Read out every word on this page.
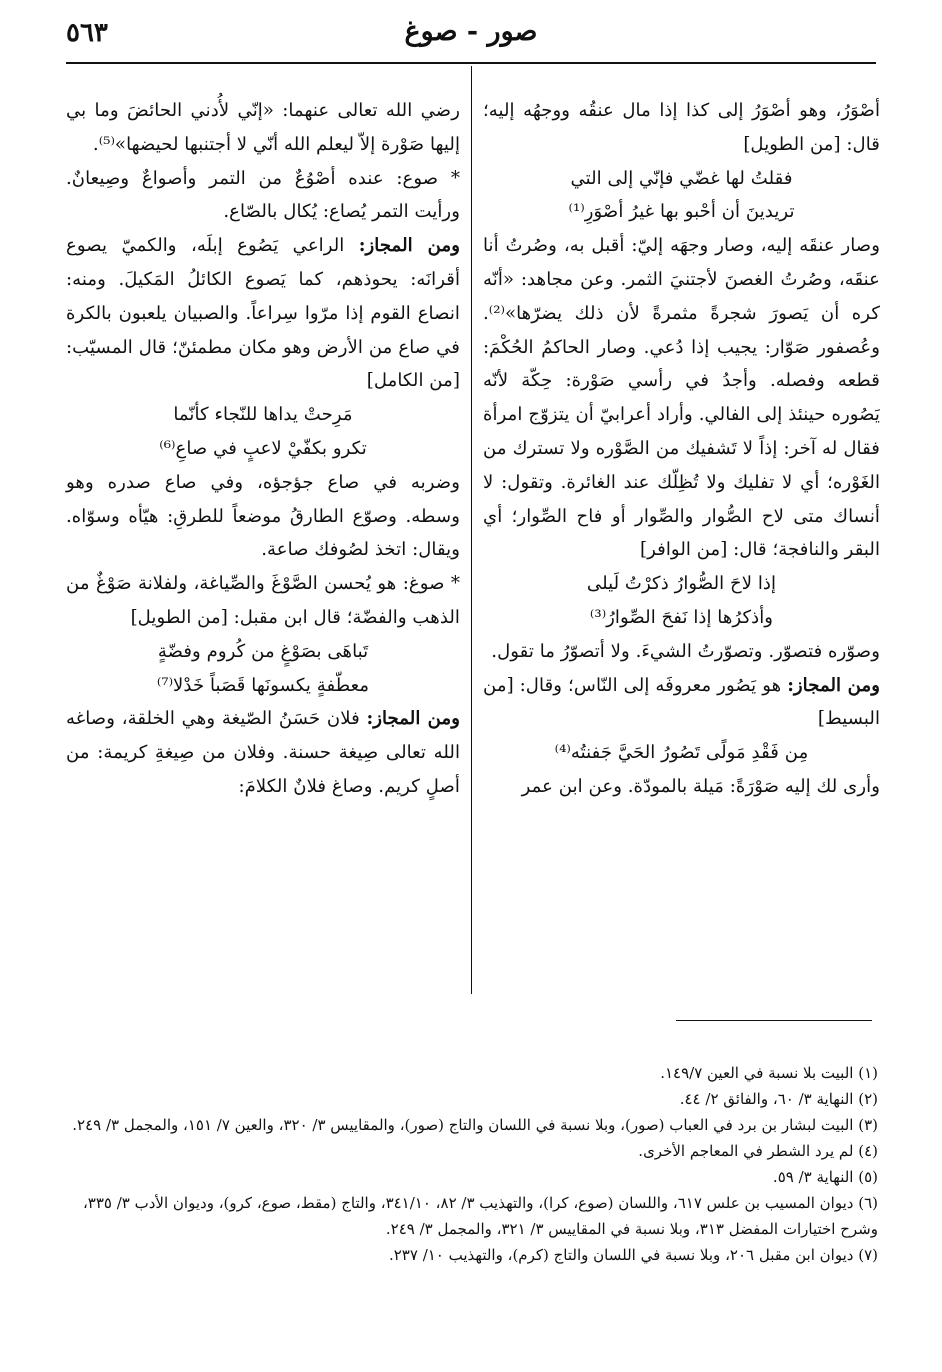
صور - صوغ
٥٦٣

أصْوَرُ، وهو أصْوَرُ إلى كذا إذا مال عنقُه ووجهُه إليه؛ قال: [من الطويل]

فقلتُ لها غضّي فإنّي إلى التي

تريدينَ أن أحْبو بها غيرُ أصْوَرِ⁽¹⁾

وصار عنقَه إليه، وصار وجهَه إليّ: أقبل به، وصُرتُ أنا عنقَه، وصُرتُ الغصنَ لأجتنيَ الثمر. وعن مجاهد: «أنّه كره أن يَصورَ شجرةً مثمرةً لأن ذلك يضرّها»⁽²⁾. وعُصفور صَوّار: يجيب إذا دُعي. وصار الحاكمُ الحُكْمَ: قطعه وفصله. وأجدُ في رأسي صَوْرة: حِكّة لأنّه يَصُوره حينئذ إلى الفالي. وأراد أعرابيّ أن يتزوّج امرأة فقال له آخر: إذاً لا تَشفيك من الصَّوْره ولا تسترك من الغَوْره؛ أي لا تفليك ولا تُظِلّك عند الغائرة. وتقول: لا أنساك متى لاح الصُّوار والصِّوار أو فاح الصِّوار؛ أي البقر والنافجة؛ قال: [من الوافر]

إذا لاحَ الصُّوارُ ذكرْتُ لَيلى

وأذكرُها إذا نَفحَ الصِّوارُ⁽³⁾

وصوّره فتصوّر. وتصوّرتُ الشيءَ. ولا أتصوّرُ ما تقول.

ومن المجاز: هو يَصُور معروفَه إلى النّاس؛ وقال: [من البسيط]

مِن فَقْدِ مَولًى تَصُورُ الحَيَّ جَفنتُه⁽⁴⁾

وأرى لك إليه صَوْرَةً: مَيلة بالمودّة. وعن ابن عمر

رضي الله تعالى عنهما: «إنّي لأُدني الحائضَ وما بي إليها صَوْرة إلاّ ليعلم الله أنّي لا أجتنبها لحيضها»⁽⁵⁾.

* صوع: عنده أصْوُعٌ من التمر وأصواعٌ وصِيعانٌ. ورأيت التمر يُصاع: يُكال بالصّاع.

ومن المجاز: الراعي يَصُوع إبلَه، والكميّ يصوع أقرانَه: يحوذهم، كما يَصوع الكائلُ المَكيلَ. ومنه: انصاع القوم إذا مرّوا سِراعاً. والصبيان يلعبون بالكرة في صاع من الأرض وهو مكان مطمئنّ؛ قال المسيّب: [من الكامل]

مَرِحتْ يداها للنّجاء كأنّما

تكرو بكفّيْ لاعبٍ في صاعِ⁽⁶⁾

وضربه في صاع جؤجؤه، وفي صاع صدره وهو وسطه. وصوّع الطارقُ موضعاً للطرقِ: هيّأه وسوّاه. ويقال: اتخذ لصُوفك صاعة.

* صوغ: هو يُحسن الصَّوْغَ والصِّياغة، ولفلانة صَوْغٌ من الذهب والفضّة؛ قال ابن مقبل: [من الطويل]

تَباهَى بصَوْغٍ من كُروم وفضّةٍ

معطّفةٍ يكسونَها قَصَباً خَدْلا⁽⁷⁾

ومن المجاز: فلان حَسَنُ الصّيغة وهي الخلقة، وصاغه الله تعالى صِيغة حسنة. وفلان من صِيغةِ كريمة: من أصلٍ كريم. وصاغ فلانٌ الكلامَ:

(١) البيت بلا نسبة في العين ١٤٩/٧.
(٢) النهاية ٣/ ٦٠، والفائق ٢/ ٤٤.
(٣) البيت لبشار بن برد في العباب (صور)، وبلا نسبة في اللسان والتاج (صور)، والمقاييس ٣/ ٣٢٠، والعين ٧/ ١٥١، والمجمل ٣/ ٢٤٩.
(٤) لم يرد الشطر في المعاجم الأخرى.
(٥) النهاية ٣/ ٥٩.
(٦) ديوان المسيب بن علس ٦١٧، واللسان (صوع، كرا)، والتهذيب ٣/ ٨٢، ٣٤١/١٠، والتاج (مقط، صوع، كرو)، وديوان الأدب ٣/ ٣٣٥، وشرح اختيارات المفضل ٣١٣، وبلا نسبة في المقاييس ٣/ ٣٢١، والمجمل ٣/ ٢٤٩.
(٧) ديوان ابن مقبل ٢٠٦، وبلا نسبة في اللسان والتاج (كرم)، والتهذيب ١٠/ ٢٣٧.
